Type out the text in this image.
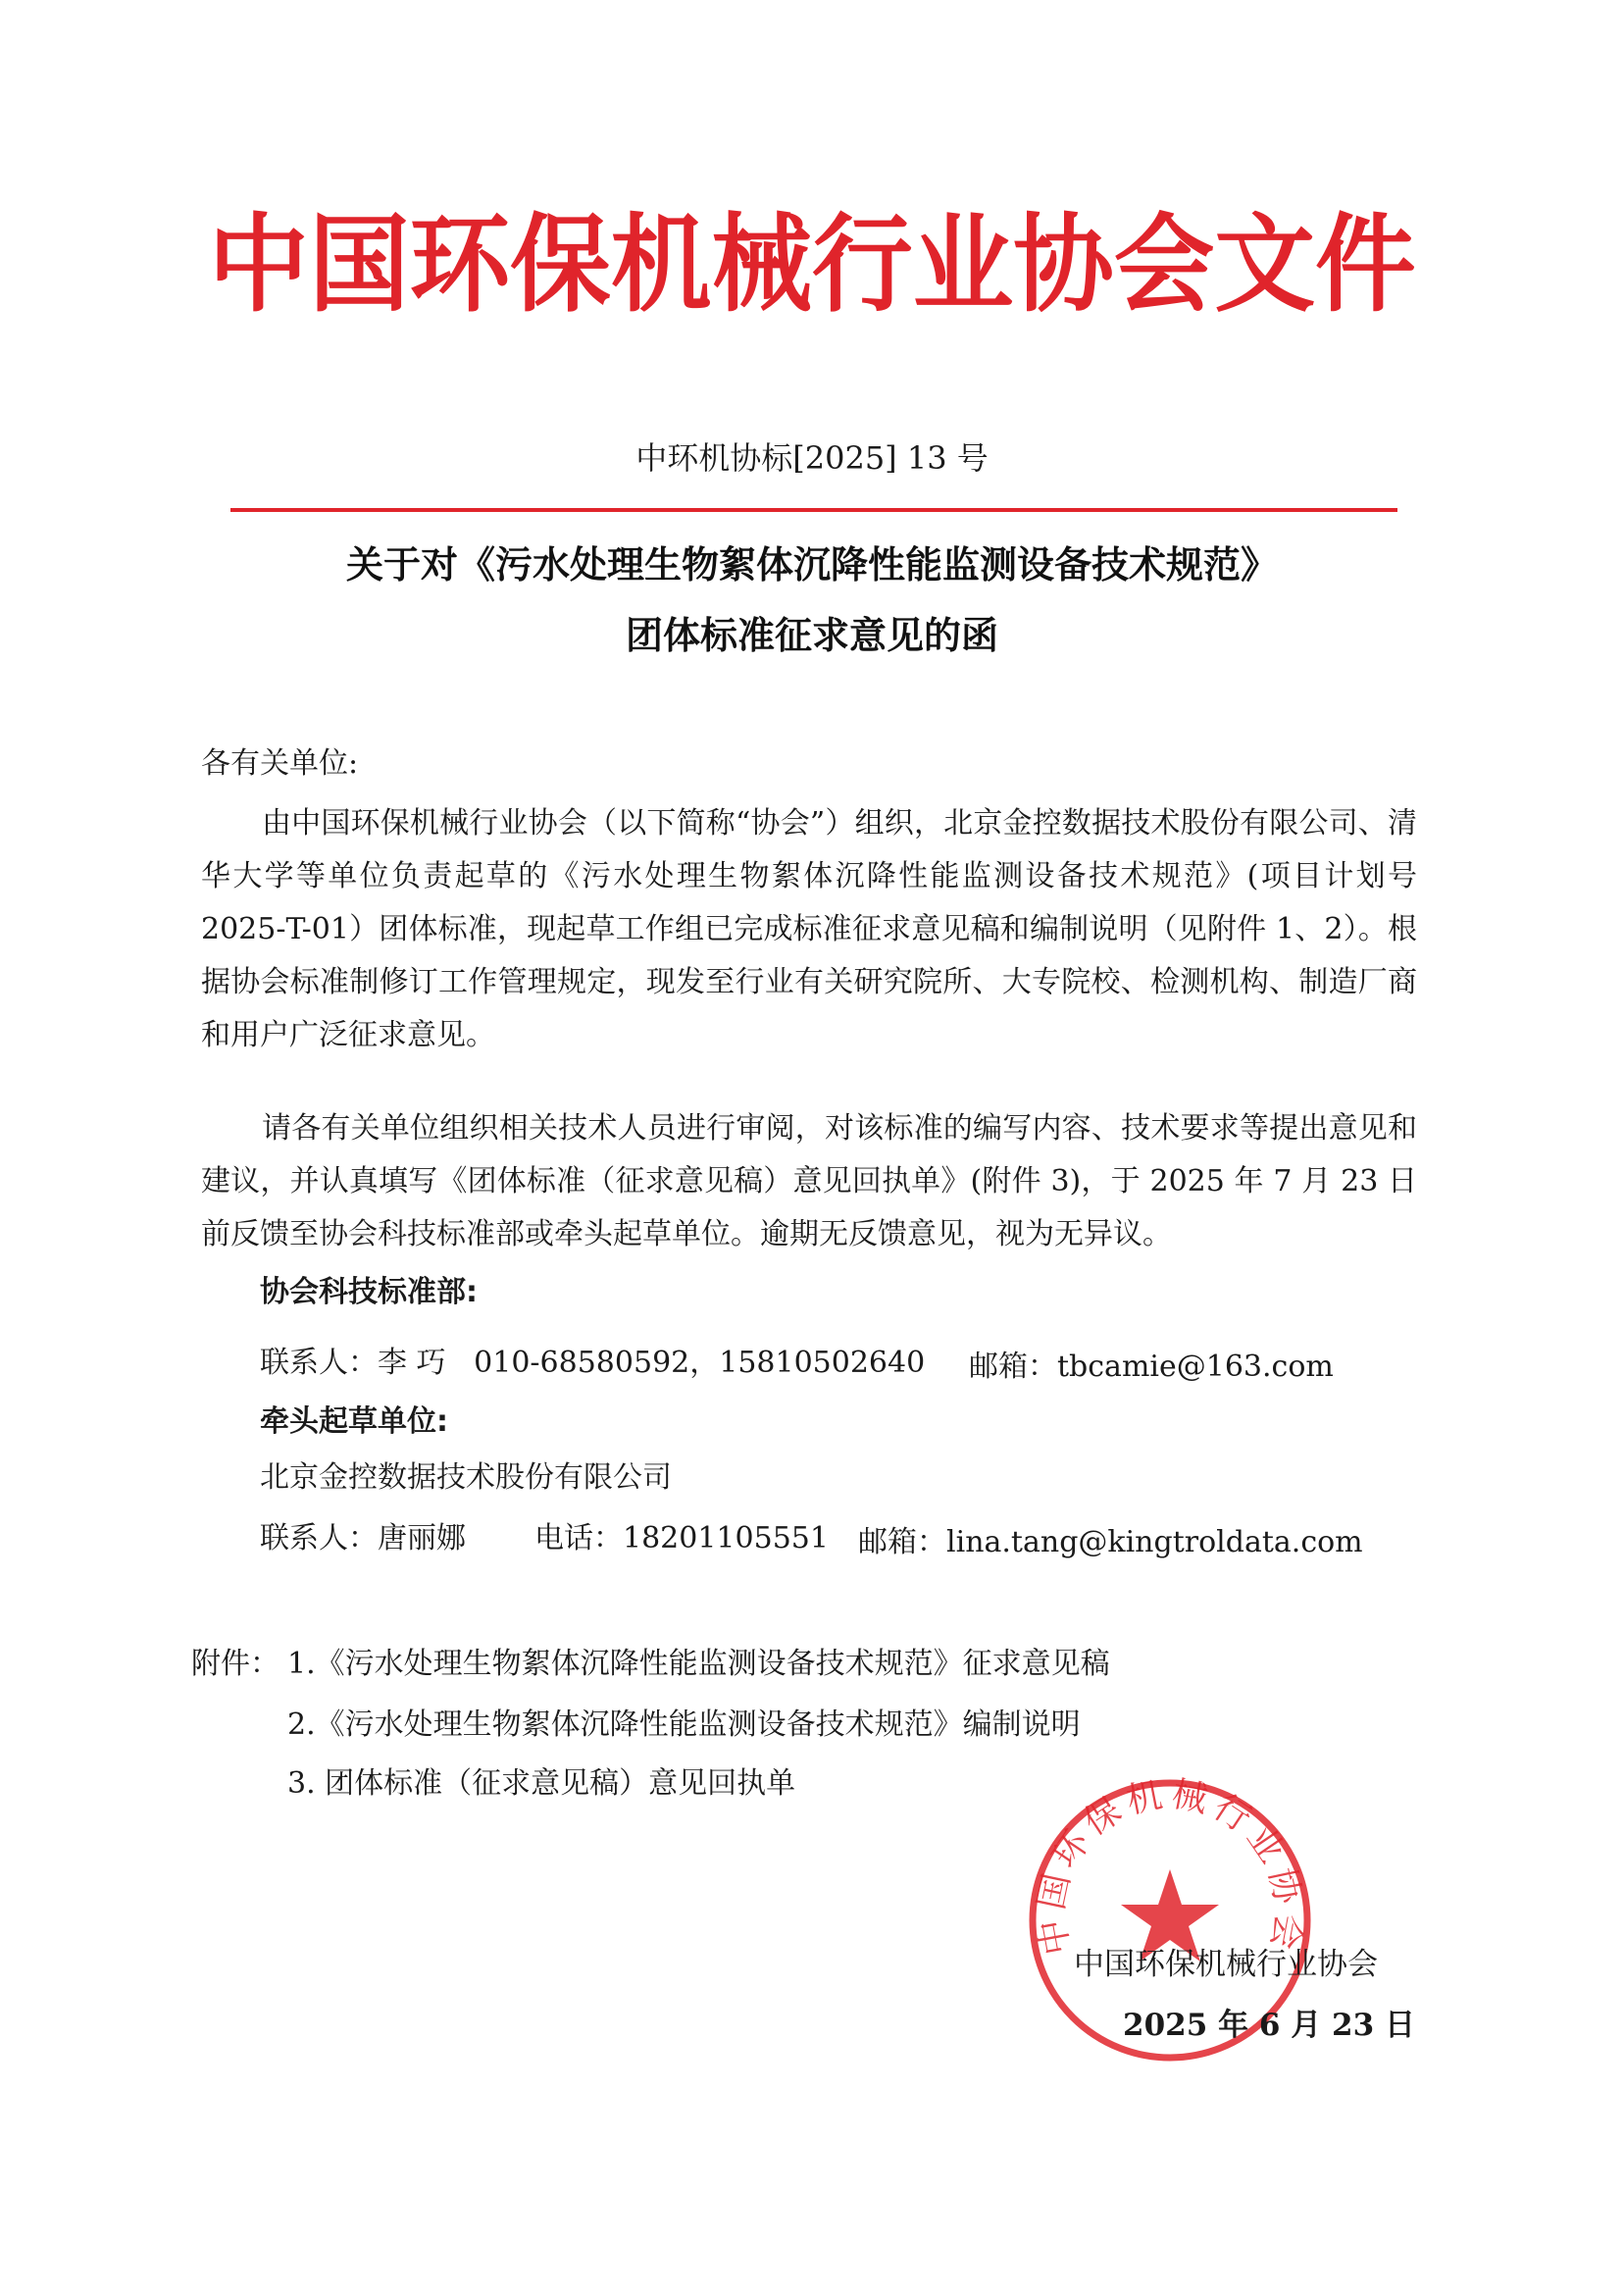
中国环保机械行业协会文件
中环机协标[2025] 13 号
关于对《污水处理生物絮体沉降性能监测设备技术规范》
团体标准征求意见的函
各有关单位:
由中国环保机械行业协会（以下简称“协会”）组织，北京金控数据技术股份有限公司、清华大学等单位负责起草的《污水处理生物絮体沉降性能监测设备技术规范》(项目计划号 2025-T-01）团体标准，现起草工作组已完成标准征求意见稿和编制说明（见附件 1、2）。根据协会标准制修订工作管理规定，现发至行业有关研究院所、大专院校、检测机构、制造厂商和用户广泛征求意见。
请各有关单位组织相关技术人员进行审阅，对该标准的编写内容、技术要求等提出意见和建议，并认真填写《团体标准（征求意见稿）意见回执单》(附件 3)，于 2025 年 7 月 23 日前反馈至协会科技标准部或牵头起草单位。逾期无反馈意见，视为无异议。
协会科技标准部:
联系人：李 巧   010-68580592，15810502640 邮箱：tbcamie@163.com
牵头起草单位:
北京金控数据技术股份有限公司
联系人：唐丽娜 电话：18201105551 邮箱：lina.tang@kingtroldata.com
附件： 1.《污水处理生物絮体沉降性能监测设备技术规范》征求意见稿
2.《污水处理生物絮体沉降性能监测设备技术规范》编制说明
3. 团体标准（征求意见稿）意见回执单
中国环保机械行业协会
中国环保机械行业协会
2025 年 6 月 23 日
